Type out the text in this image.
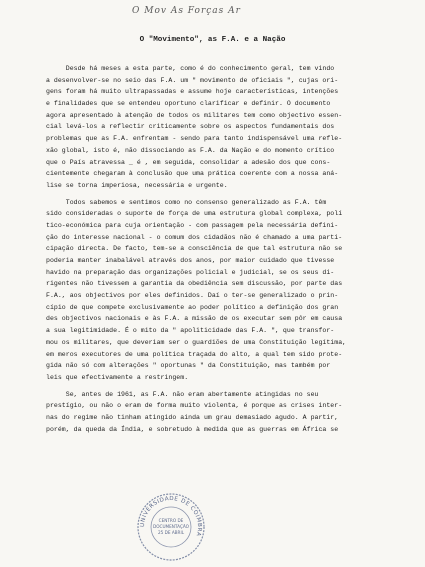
O Mov As Forças Ar
O "Movimento", as F.A. e a Nação
Desde há meses a esta parte, como é do conhecimento geral, tem vindo
a desenvolver-se no seio das F.A. um " movimento de oficiais ", cujas ori-
gens foram há muito ultrapassadas e assume hoje características, intenções
e finalidades que se entendeu oportuno clarificar e definir. O documento
agora apresentado à atenção de todos os militares tem como objectivo essen-
cial levá-los a reflectir criticamente sobre os aspectos fundamentais dos
problemas que as F.A. enfrentam - sendo para tanto indispensável uma refle-
xão global, isto é, não dissociando as F.A. da Nação e do momento crítico
que o País atravessa _ é , em seguida, consolidar a adesão dos que cons-
cientemente chegaram à conclusão que uma prática coerente com a nossa aná-
lise se torna imperiosa, necessária e urgente.
Todos sabemos e sentimos como no consenso generalizado as F.A. têm
sido consideradas o suporte de força de uma estrutura global complexa, polí
tico-económica para cuja orientação - com passagem pela necessária defini-
ção do interesse nacional - o comum dos cidadãos não é chamado a uma parti-
cipação directa. De facto, tem-se a consciência de que tal estrutura não se
poderia manter inabalável através dos anos, por maior cuidado que tivesse
havido na preparação das organizações policial e judicial, se os seus di-
rigentes não tivessem a garantia da obediência sem discussão, por parte das
F.A., aos objectivos por eles definidos. Daí o ter-se generalizado o prin-
cípio de que compete exclusivamente ao poder político a definição dos gran
des objectivos nacionais e às F.A. a missão de os executar sem pôr em causa
a sua legitimidade. É o mito da " apoliticidade das F.A. ", que transfor-
mou os militares, que deveriam ser o guardiões de uma Constituição legítima,
em meros executores de uma política traçada do alto, a qual tem sido prote-
gida não só com alterações " oportunas " da Constituição, mas também por
leis que efectivamente a restringem.
Se, antes de 1961, as F.A. não eram abertamente atingidas no seu
prestígio, ou não o eram de forma muito violenta, é porque as crises inter-
nas do regime não tinham atingido ainda um grau demasiado agudo. A partir,
porém, da queda da Índia, e sobretudo à medida que as guerras em África se
UNIVERSIDADE DE COIMBRA
CENTRO DE
DOCUMENTAÇÃO
25 DE ABRIL
